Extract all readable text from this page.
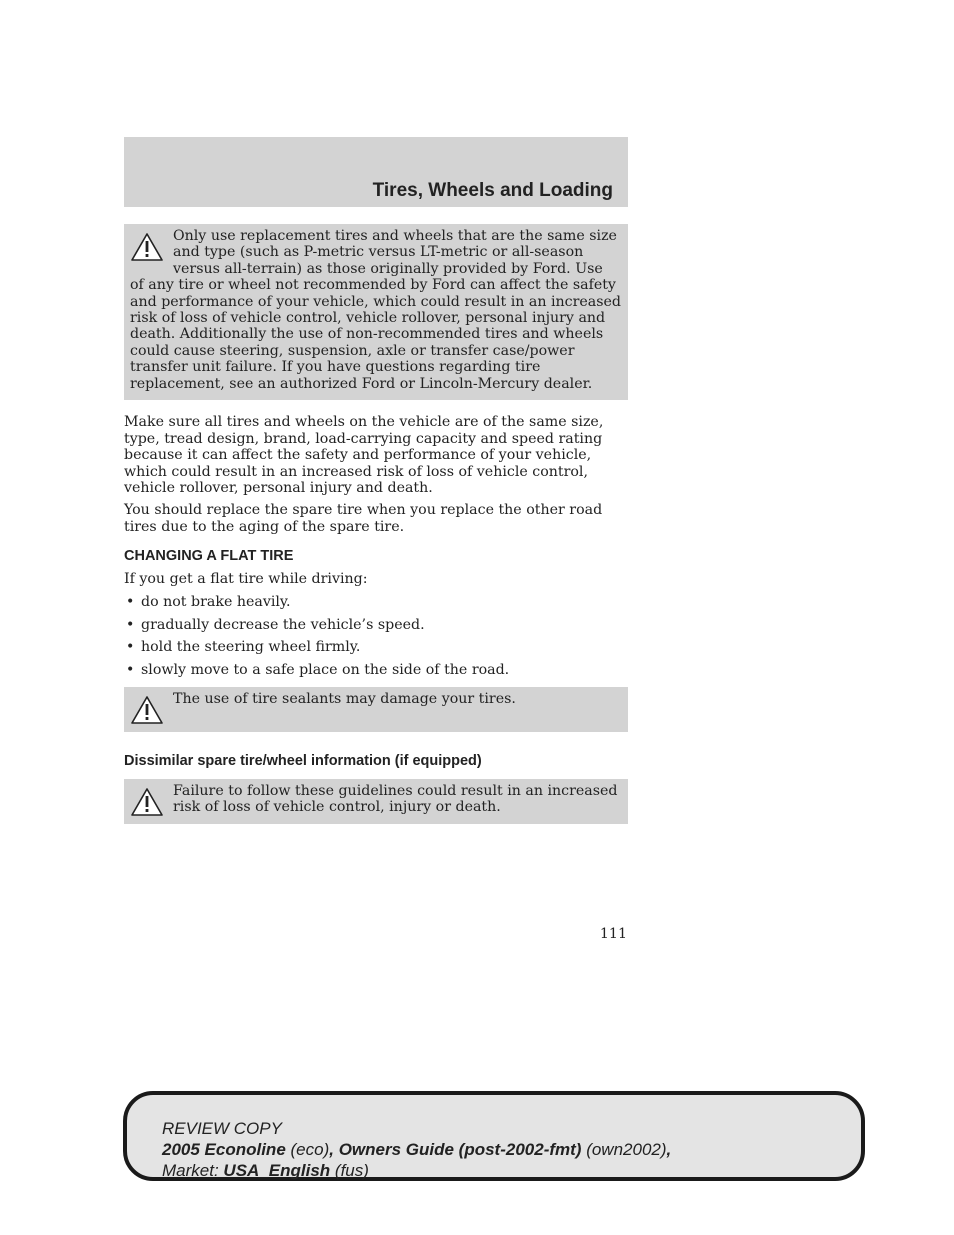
Tires, Wheels and Loading

Only use replacement tires and wheels that are the same size and type (such as P-metric versus LT-metric or all-season versus all-terrain) as those originally provided by Ford. Use of any tire or wheel not recommended by Ford can affect the safety and performance of your vehicle, which could result in an increased risk of loss of vehicle control, vehicle rollover, personal injury and death. Additionally the use of non-recommended tires and wheels could cause steering, suspension, axle or transfer case/power transfer unit failure. If you have questions regarding tire replacement, see an authorized Ford or Lincoln-Mercury dealer.

Make sure all tires and wheels on the vehicle are of the same size, type, tread design, brand, load-carrying capacity and speed rating because it can affect the safety and performance of your vehicle, which could result in an increased risk of loss of vehicle control, vehicle rollover, personal injury and death.

You should replace the spare tire when you replace the other road tires due to the aging of the spare tire.

CHANGING A FLAT TIRE

If you get a flat tire while driving:

• do not brake heavily.
• gradually decrease the vehicle’s speed.
• hold the steering wheel firmly.
• slowly move to a safe place on the side of the road.

The use of tire sealants may damage your tires.

Dissimilar spare tire/wheel information (if equipped)

Failure to follow these guidelines could result in an increased risk of loss of vehicle control, injury or death.

111
REVIEW COPY
2005 Econoline (eco), Owners Guide (post-2002-fmt) (own2002),
Market: USA_English (fus)
